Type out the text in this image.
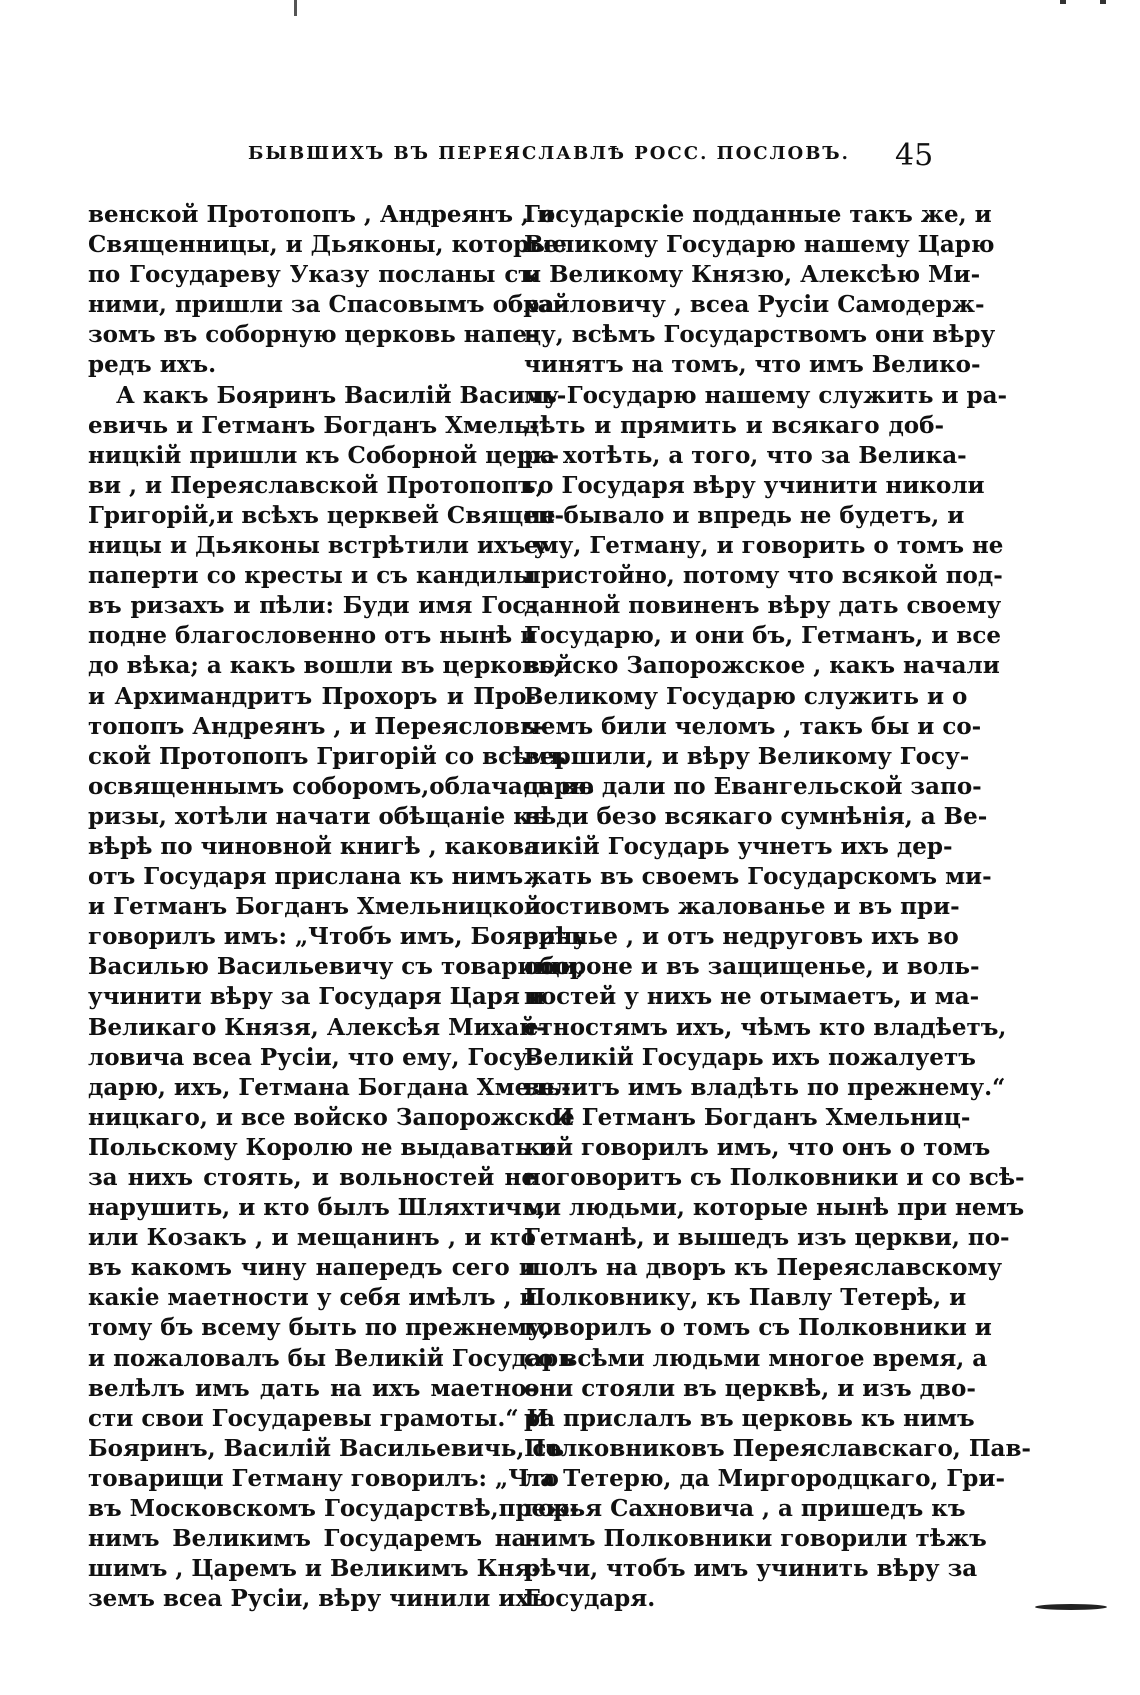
БЫВШИХЪ ВЪ ПЕРЕЯСЛАВЛѢ РОСС. ПОСЛОВЪ. 45
венской Протопопъ , Андреянъ , и
Священницы, и Дьяконы, которые
по Государеву Указу посланы съ
ними, пришли за Спасовымъ обра-
зомъ въ соборную церковь напе-
редъ ихъ.
А какъ Бояринъ Василій Василь-
евичь и Гетманъ Богданъ Хмель-
ницкій пришли къ Соборной церк-
ви , и Переяславской Протопопъ,
Григорій,и всѣхъ церквей Священ-
ницы и Дьяконы встрѣтили ихъ у
паперти со кресты и съ кандилы
въ ризахъ и пѣли: Буди имя Гос-
подне благословенно отъ нынѣ и
до вѣка; а какъ вошли въ церковь,
и Архимандритъ Прохоръ и Про-
топопъ Андреянъ , и Переясловь-
ской Протопопъ Григорій со всѣмъ
освященнымъ соборомъ,облачась въ
ризы, хотѣли начати обѣщаніе къ
вѣрѣ по чиновной книгѣ , какова
отъ Государя прислана къ нимъ ,
и Гетманъ Богданъ Хмельницкой
говорилъ имъ: „Чтобъ имъ, Боярину
Василью Васильевичу съ товарищи,
учинити вѣру за Государя Царя и
Великаго Князя, Алексѣя Михай-
ловича всеа Русіи, что ему, Госу-
дарю, ихъ, Гетмана Богдана Хмель-
ницкаго, и все войско Запорожское
Польскому Королю не выдавать и
за нихъ стоять, и вольностей не
нарушить, и кто былъ Шляхтичь,
или Козакъ , и мещанинъ , и кто
въ какомъ чину напередъ сего и
какіе маетности у себя имѣлъ , и
тому бъ всему быть по прежнему,
и пожаловалъ бы Великій Государь
велѣлъ имъ дать на ихъ маетно-
сти свои Государевы грамоты.“ И
Бояринъ, Василій Васильевичь, съ
товарищи Гетману говорилъ: „Что
въ Московскомъ Государствѣ,преж-
нимъ Великимъ Государемъ на-
шимъ , Царемъ и Великимъ Кня-
земъ всеа Русіи, вѣру чинили ихъ
Государскіе подданные такъ же, и
Великому Государю нашему Царю
и Великому Князю, Алексѣю Ми-
хайловичу , всеа Русіи Самодерж-
цу, всѣмъ Государствомъ они вѣру
чинятъ на томъ, что имъ Велико-
му Государю нашему служить и ра-
дѣть и прямить и всякаго доб-
ра хотѣть, а того, что за Велика-
го Государя вѣру учинити николи
не бывало и впредь не будетъ, и
ему, Гетману, и говорить о томъ не
пристойно, потому что всякой под-
данной повиненъ вѣру дать своему
Государю, и они бъ, Гетманъ, и все
войско Запорожское , какъ начали
Великому Государю служить и о
чемъ били челомъ , такъ бы и со-
вершили, и вѣру Великому Госу-
дарю дали по Евангельской запо-
вѣди безо всякаго сумнѣнія, а Ве-
ликій Государь учнетъ ихъ дер-
жать въ своемъ Государскомъ ми-
лостивомъ жалованье и въ при-
зрѣнье , и отъ недруговъ ихъ во
обороне и въ защищенье, и воль-
ностей у нихъ не отымаетъ, и ма-
етностямъ ихъ, чѣмъ кто владѣетъ,
Великій Государь ихъ пожалуетъ
велитъ имъ владѣть по прежнему.“
И Гетманъ Богданъ Хмельниц-
кой говорилъ имъ, что онъ о томъ
поговоритъ съ Полковники и со всѣ-
ми людьми, которые нынѣ при немъ
Гетманѣ, и вышедъ изъ церкви, по-
шолъ на дворъ къ Переяславскому
Полковнику, къ Павлу Тетерѣ, и
говорилъ о томъ съ Полковники и
со всѣми людьми многое время, а
они стояли въ церквѣ, и изъ дво-
ра прислалъ въ церковь къ нимъ
Полковниковъ Переяславскаго, Пав-
ла Тетерю, да Миргородцкаго, Гри-
горья Сахновича , а пришедъ къ
нимъ Полковники говорили тѣжъ
рѣчи, чтобъ имъ учинить вѣру за
Государя.
